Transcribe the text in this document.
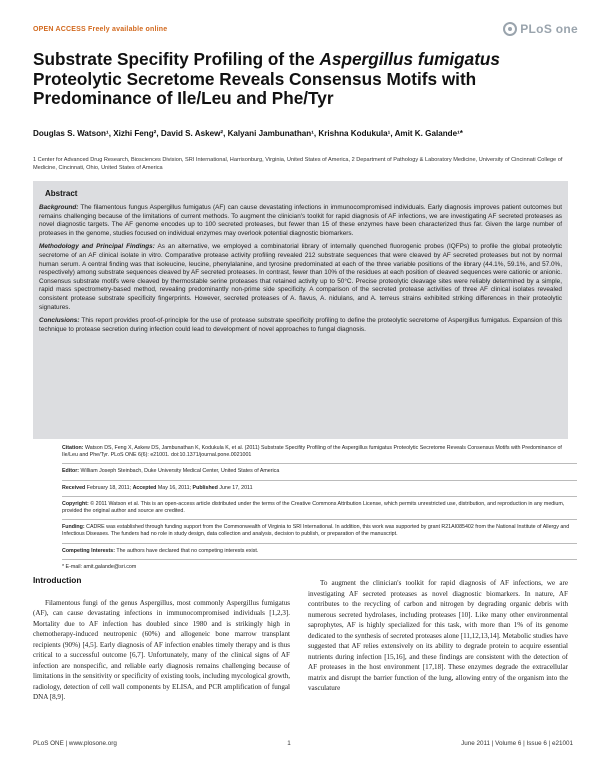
OPEN ACCESS Freely available online	PLoS one
Substrate Specifity Profiling of the Aspergillus fumigatus Proteolytic Secretome Reveals Consensus Motifs with Predominance of Ile/Leu and Phe/Tyr
Douglas S. Watson¹, Xizhi Feng², David S. Askew², Kalyani Jambunathan¹, Krishna Kodukula¹, Amit K. Galande¹*
1 Center for Advanced Drug Research, Biosciences Division, SRI International, Harrisonburg, Virginia, United States of America, 2 Department of Pathology & Laboratory Medicine, University of Cincinnati College of Medicine, Cincinnati, Ohio, United States of America
Abstract

Background: The filamentous fungus Aspergillus fumigatus (AF) can cause devastating infections in immunocompromised individuals. Early diagnosis improves patient outcomes but remains challenging because of the limitations of current methods. To augment the clinician's toolkit for rapid diagnosis of AF infections, we are investigating AF secreted proteases as novel diagnostic targets. The AF genome encodes up to 100 secreted proteases, but fewer than 15 of these enzymes have been characterized thus far. Given the large number of proteases in the genome, studies focused on individual enzymes may overlook potential diagnostic biomarkers.

Methodology and Principal Findings: As an alternative, we employed a combinatorial library of internally quenched fluorogenic probes (IQFPs) to profile the global proteolytic secretome of an AF clinical isolate in vitro. Comparative protease activity profiling revealed 212 substrate sequences that were cleaved by AF secreted proteases but not by normal human serum. A central finding was that isoleucine, leucine, phenylalanine, and tyrosine predominated at each of the three variable positions of the library (44.1%, 59.1%, and 57.0%, respectively) among substrate sequences cleaved by AF secreted proteases. In contrast, fewer than 10% of the residues at each position of cleaved sequences were cationic or anionic. Consensus substrate motifs were cleaved by thermostable serine proteases that retained activity up to 50°C. Precise proteolytic cleavage sites were reliably determined by a simple, rapid mass spectrometry-based method, revealing predominantly non-prime side specificity. A comparison of the secreted protease activities of three AF clinical isolates revealed consistent protease substrate specificity fingerprints. However, secreted proteases of A. flavus, A. nidulans, and A. terreus strains exhibited striking differences in their proteolytic signatures.

Conclusions: This report provides proof-of-principle for the use of protease substrate specificity profiling to define the proteolytic secretome of Aspergillus fumigatus. Expansion of this technique to protease secretion during infection could lead to development of novel approaches to fungal diagnosis.

Citation: Watson DS, Feng X, Askew DS, Jambunathan K, Kodukula K, et al. (2011) Substrate Specifity Profiling of the Aspergillus fumigatus Proteolytic Secretome Reveals Consensus Motifs with Predominance of Ile/Leu and Phe/Tyr. PLoS ONE 6(6): e21001. doi:10.1371/journal.pone.0021001

Editor: William Joseph Steinbach, Duke University Medical Center, United States of America

Received February 18, 2011; Accepted May 16, 2011; Published June 17, 2011

Copyright: © 2011 Watson et al. This is an open-access article distributed under the terms of the Creative Commons Attribution License, which permits unrestricted use, distribution, and reproduction in any medium, provided the original author and source are credited.

Funding: CADRE was established through funding support from the Commonwealth of Virginia to SRI International. In addition, this work was supported by grant R21AI085402 from the National Institute of Allergy and Infectious Diseases. The funders had no role in study design, data collection and analysis, decision to publish, or preparation of the manuscript.

Competing Interests: The authors have declared that no competing interests exist.

* E-mail: amit.galande@sri.com

Introduction

Filamentous fungi of the genus Aspergillus, most commonly Aspergillus fumigatus (AF), can cause devastating infections in immunocompromised individuals [1,2,3]. Mortality due to AF infection has doubled since 1980 and is strikingly high in chemotherapy-induced neutropenic (60%) and allogeneic bone marrow transplant recipients (90%) [4,5]. Early diagnosis of AF infection enables timely therapy and is thus critical to a successful outcome [6,7]. Unfortunately, many of the clinical signs of AF infection are nonspecific, and reliable early diagnosis remains challenging because of limitations in the sensitivity or specificity of existing tools, including mycological growth, radiology, detection of cell wall components by ELISA, and PCR amplification of fungal DNA [8,9].

To augment the clinician's toolkit for rapid diagnosis of AF infections, we are investigating AF secreted proteases as novel diagnostic biomarkers. In nature, AF contributes to the recycling of carbon and nitrogen by degrading organic debris with numerous secreted hydrolases, including proteases [10]. Like many other environmental saprophytes, AF is highly specialized for this task, with more than 1% of its genome dedicated to the synthesis of secreted proteases alone [11,12,13,14]. Metabolic studies have suggested that AF relies extensively on its ability to degrade protein to acquire essential nutrients during infection [15,16], and these findings are consistent with the detection of AF proteases in the host environment [17,18]. These enzymes degrade the extracellular matrix and disrupt the barrier function of the lung, allowing entry of the organism into the vasculature

PLoS ONE | www.plosone.org	1	June 2011 | Volume 6 | Issue 6 | e21001
